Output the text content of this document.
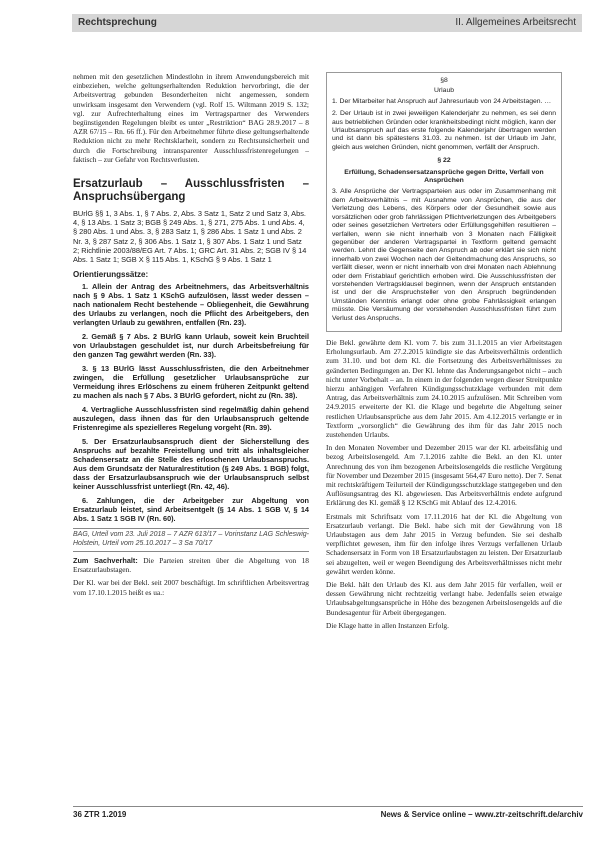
Rechtsprechung	II. Allgemeines Arbeitsrecht

nehmen mit den gesetzlichen Mindestlohn in ihrem Anwendungsbereich mit einbeziehen, welche geltungserhaltenden Reduktion hervorbringt, die der Arbeitsvertrag gebunden Besonderheiten nicht angemessen, sondern unwirksam insgesamt den Verwendern (vgl. Rolf 15. Wiltmann 2019 S. 132; vgl. zur Aufrechterhaltung eines im Vertragspartner des Verwenders begünstigenden Regelungen bleibt es unter „Restriktion“ BAG 28.9.2017 – 8 AZR 67/15 – Rn. 66 ff.). Für den Arbeitnehmer führte diese geltungserhaltende Reduktion nicht zu mehr Rechtsklarheit, sondern zu Rechtsunsicherheit und durch die Fortschreibung intransparenter Ausschlussfristenregelungen – faktisch – zur Gefahr von Rechtsverlusten.

Ersatzurlaub – Ausschlussfristen – Anspruchsübergang

BUrlG §§ 1, 3 Abs. 1, § 7 Abs. 2, Abs. 3 Satz 1, Satz 2 und Satz 3, Abs. 4, § 13 Abs. 1 Satz 3; BGB § 249 Abs. 1, § 271, 275 Abs. 1 und Abs. 4, § 280 Abs. 1 und Abs. 3, § 283 Satz 1, § 286 Abs. 1 Satz 1 und Abs. 2 Nr. 3, § 287 Satz 2, § 306 Abs. 1 Satz 1, § 307 Abs. 1 Satz 1 und Satz 2; Richtlinie 2003/88/EG Art. 7 Abs. 1; GRC Art. 31 Abs. 2; SGB IV § 14 Abs. 1 Satz 1; SGB X § 115 Abs. 1, KSchG § 9 Abs. 1 Satz 1

Orientierungssätze:

1. Allein der Antrag des Arbeitnehmers, das Arbeitsverhältnis nach § 9 Abs. 1 Satz 1 KSchG aufzulösen, lässt weder dessen – nach nationalem Recht bestehende – Obliegenheit, die Gewährung des Urlaubs zu verlangen, noch die Pflicht des Arbeitgebers, den verlangten Urlaub zu gewähren, entfallen (Rn. 23).

2. Gemäß § 7 Abs. 2 BUrlG kann Urlaub, soweit kein Bruchteil von Urlaubstagen geschuldet ist, nur durch Arbeitsbefreiung für den ganzen Tag gewährt werden (Rn. 33).

3. § 13 BUrlG lässt Ausschlussfristen, die den Arbeitnehmer zwingen, die Erfüllung gesetzlicher Urlaubsansprüche zur Vermeidung ihres Erlöschens zu einem früheren Zeitpunkt geltend zu machen als nach § 7 Abs. 3 BUrlG gefordert, nicht zu (Rn. 38).

4. Vertragliche Ausschlussfristen sind regelmäßig dahin gehend auszulegen, dass ihnen das für den Urlaubsanspruch geltende Fristenregime als spezielleres Regelung vorgeht (Rn. 39).

5. Der Ersatzurlaubsanspruch dient der Sicherstellung des Anspruchs auf bezahlte Freistellung und tritt als inhaltsgleicher Schadensersatz an die Stelle des erloschenen Urlaubsanspruchs. Aus dem Grundsatz der Naturalrestitution (§ 249 Abs. 1 BGB) folgt, dass der Ersatzurlaubsanspruch wie der Urlaubsanspruch selbst keiner Ausschlussfrist unterliegt (Rn. 42, 46).

6. Zahlungen, die der Arbeitgeber zur Abgeltung von Ersatzurlaub leistet, sind Arbeitsentgelt (§ 14 Abs. 1 SGB V, § 14 Abs. 1 Satz 1 SGB IV (Rn. 60).

BAG, Urteil vom 23. Juli 2018 – 7 AZR 613/17 – Vorinstanz LAG Schleswig-Holstein, Urteil vom 25.10.2017 – 3 Sa 70/17

Zum Sachverhalt: Die Parteien streiten über die Abgeltung von 18 Ersatzurlaubstagen.

Der Kl. war bei der Bekl. seit 2007 beschäftigt. Im schriftlichen Arbeitsvertrag vom 17.10.1.2015 heißt es ua.:

§8
Urlaub

1. Der Mitarbeiter hat Anspruch auf Jahresurlaub von 24 Arbeitstagen. …

2. Der Urlaub ist in zwei jeweiligen Kalenderjahr zu nehmen, es sei denn aus betrieblichen Gründen oder krankheitsbedingt nicht möglich, kann der Urlaubsanspruch auf das erste folgende Kalenderjahr übertragen werden und ist dann bis spätestens 31.03. zu nehmen. Ist der Urlaub im Jahr, gleich aus welchen Gründen, nicht genommen, verfällt der Anspruch.

§ 22
Erfüllung, Schadensersatzansprüche gegen Dritte, Verfall von Ansprüchen

3. Alle Ansprüche der Vertragsparteien aus oder im Zusammenhang mit dem Arbeitsverhältnis – mit Ausnahme von Ansprüchen, die aus der Verletzung des Lebens, des Körpers oder der Gesundheit sowie aus vorsätzlichen oder grob fahrlässigen Pflichtverletzungen des Arbeitgebers oder seines gesetzlichen Vertreters oder Erfüllungsgehilfen resultieren – verfallen, wenn sie nicht innerhalb von 3 Monaten nach Fälligkeit gegenüber der anderen Vertragspartei in Textform geltend gemacht werden. Lehnt die Gegenseite den Anspruch ab oder erklärt sie sich nicht innerhalb von zwei Wochen nach der Geltendmachung des Anspruchs, so verfällt dieser, wenn er nicht innerhalb von drei Monaten nach Ablehnung oder dem Fristablauf gerichtlich erhoben wird. Die Ausschlussfristen der vorstehenden Vertragsklausel beginnen, wenn der Anspruch entstanden ist und der die Anspruchsteller von den Anspruch begründenden Umständen Kenntnis erlangt oder ohne grobe Fahrlässigkeit erlangen müsste. Die Versäumung der vorstehenden Ausschlussfristen führt zum Verlust des Anspruchs.

Die Bekl. gewährte dem Kl. vom 7. bis zum 31.1.2015 an vier Arbeitstagen Erholungsurlaub. Am 27.2.2015 kündigte sie das Arbeitsverhältnis ordentlich zum 31.10. und bot dem Kl. die Fortsetzung des Arbeitsverhältnisses zu geänderten Bedingungen an. Der Kl. lehnte das Änderungsangebot nicht – auch nicht unter Vorbehalt – an. In einem in der folgenden wegen dieser Streitpunkte hierzu anhängigen Verfahren Kündigungsschutzklage verbunden mit dem Antrag, das Arbeitsverhältnis zum 24.10.2015 aufzulösen. Mit Schreiben vom 24.9.2015 erweiterte der Kl. die Klage und begehrte die Abgeltung seiner restlichen Urlaubsansprüche aus dem Jahr 2015. Am 4.12.2015 verlangte er in Textform „vorsorglich“ die Gewährung des ihm für das Jahr 2015 noch zustehenden Urlaubs.

In den Monaten November und Dezember 2015 war der Kl. arbeitsfähig und bezog Arbeitslosengeld. Am 7.1.2016 zahlte die Bekl. an den Kl. unter Anrechnung des von ihm bezogenen Arbeitslosengelds die restliche Vergütung für November und Dezember 2015 (insgesamt 564,47 Euro netto). Der 7. Senat mit rechtskräftigem Teilurteil der Kündigungsschutzklage stattgegeben und den Auflösungsantrag des Kl. abgewiesen. Das Arbeitsverhältnis endete aufgrund Erklärung des Kl. gemäß § 12 KSchG mit Ablauf des 12.4.2016.

Erstmals mit Schriftsatz vom 17.11.2016 hat der Kl. die Abgeltung von Ersatzurlaub verlangt. Die Bekl. habe sich mit der Gewährung von 18 Urlaubstagen aus dem Jahr 2015 in Verzug befunden. Sie sei deshalb verpflichtet gewesen, ihm für den infolge ihres Verzugs verfallenen Urlaub Schadensersatz in Form von 18 Ersatzurlaubstagen zu leisten. Der Ersatzurlaub sei abzugelten, weil er wegen Beendigung des Arbeitsverhältnisses nicht mehr gewährt werden könne.

Die Bekl. hält den Urlaub des Kl. aus dem Jahr 2015 für verfallen, weil er dessen Gewährung nicht rechtzeitig verlangt habe. Jedenfalls seien etwaige Urlaubsabgeltungsansprüche in Höhe des bezogenen Arbeitslosengelds auf die Bundesagentur für Arbeit übergegangen.

Die Klage hatte in allen Instanzen Erfolg.

36 ZTR 1.2019	News & Service online – www.ztr-zeitschrift.de/archiv
